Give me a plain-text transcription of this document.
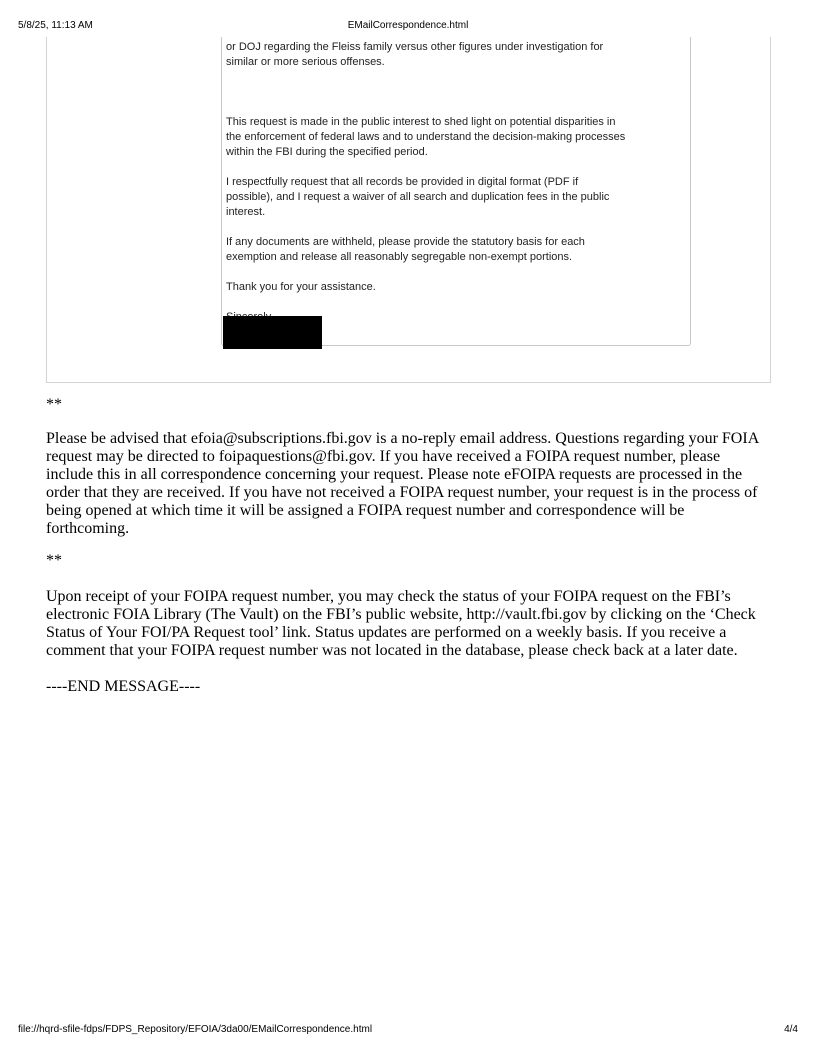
5/8/25, 11:13 AM	EMailCorrespondence.html
or DOJ regarding the Fleiss family versus other figures under investigation for similar or more serious offenses.
This request is made in the public interest to shed light on potential disparities in the enforcement of federal laws and to understand the decision-making processes within the FBI during the specified period.
I respectfully request that all records be provided in digital format (PDF if possible), and I request a waiver of all search and duplication fees in the public interest.
If any documents are withheld, please provide the statutory basis for each exemption and release all reasonably segregable non-exempt portions.
Thank you for your assistance.
**
Please be advised that efoia@subscriptions.fbi.gov is a no-reply email address. Questions regarding your FOIA request may be directed to foipaquestions@fbi.gov. If you have received a FOIPA request number, please include this in all correspondence concerning your request. Please note eFOIPA requests are processed in the order that they are received. If you have not received a FOIPA request number, your request is in the process of being opened at which time it will be assigned a FOIPA request number and correspondence will be forthcoming.
**
Upon receipt of your FOIPA request number, you may check the status of your FOIPA request on the FBI’s electronic FOIA Library (The Vault) on the FBI’s public website, http://vault.fbi.gov by clicking on the ‘Check Status of Your FOI/PA Request tool’ link. Status updates are performed on a weekly basis. If you receive a comment that your FOIPA request number was not located in the database, please check back at a later date.
----END MESSAGE----
file://hqrd-sfile-fdps/FDPS_Repository/EFOIA/3da00/EMailCorrespondence.html	4/4
